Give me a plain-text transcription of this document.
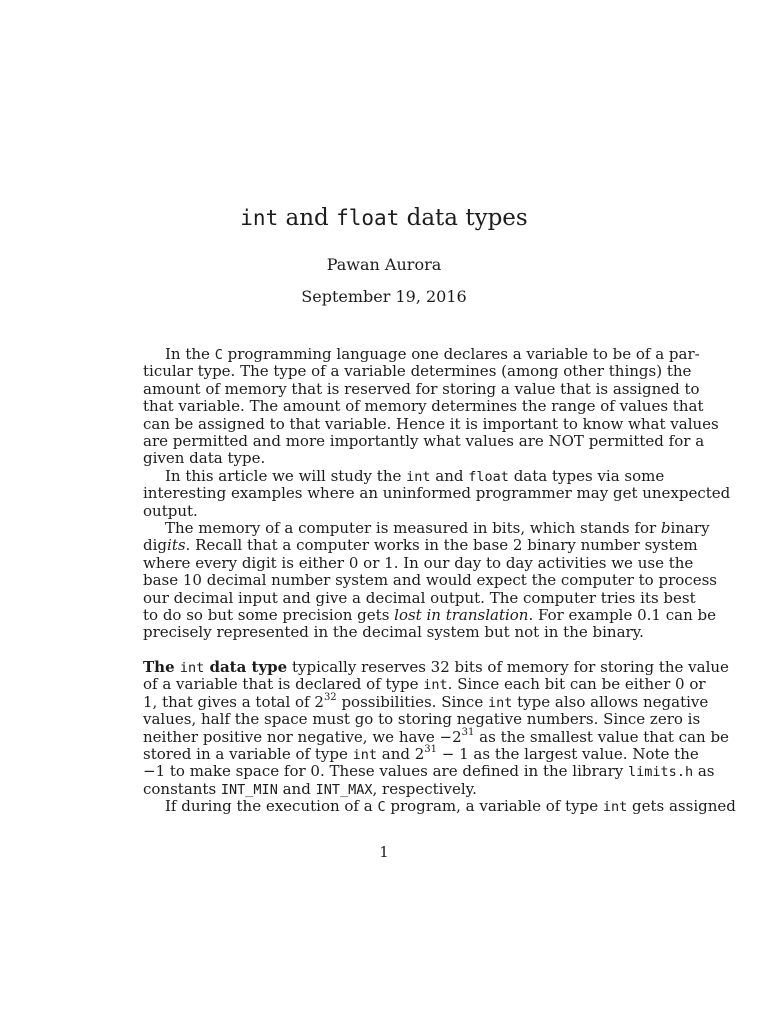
int and float data types
Pawan Aurora
September 19, 2016
In the C programming language one declares a variable to be of a par-
ticular type. The type of a variable determines (among other things) the
amount of memory that is reserved for storing a value that is assigned to
that variable. The amount of memory determines the range of values that
can be assigned to that variable. Hence it is important to know what values
are permitted and more importantly what values are NOT permitted for a
given data type.
In this article we will study the int and float data types via some
interesting examples where an uninformed programmer may get unexpected
output.
The memory of a computer is measured in bits, which stands for binary
digits. Recall that a computer works in the base 2 binary number system
where every digit is either 0 or 1. In our day to day activities we use the
base 10 decimal number system and would expect the computer to process
our decimal input and give a decimal output. The computer tries its best
to do so but some precision gets lost in translation. For example 0.1 can be
precisely represented in the decimal system but not in the binary.
The int data type typically reserves 32 bits of memory for storing the value
of a variable that is declared of type int. Since each bit can be either 0 or
1, that gives a total of $2^{32}$ possibilities. Since int type also allows negative
values, half the space must go to storing negative numbers. Since zero is
neither positive nor negative, we have $-2^{31}$ as the smallest value that can be
stored in a variable of type int and $2^{31} - 1$ as the largest value. Note the
−1 to make space for 0. These values are defined in the library limits.h as
constants INT_MIN and INT_MAX, respectively.
If during the execution of a C program, a variable of type int gets assigned
1
